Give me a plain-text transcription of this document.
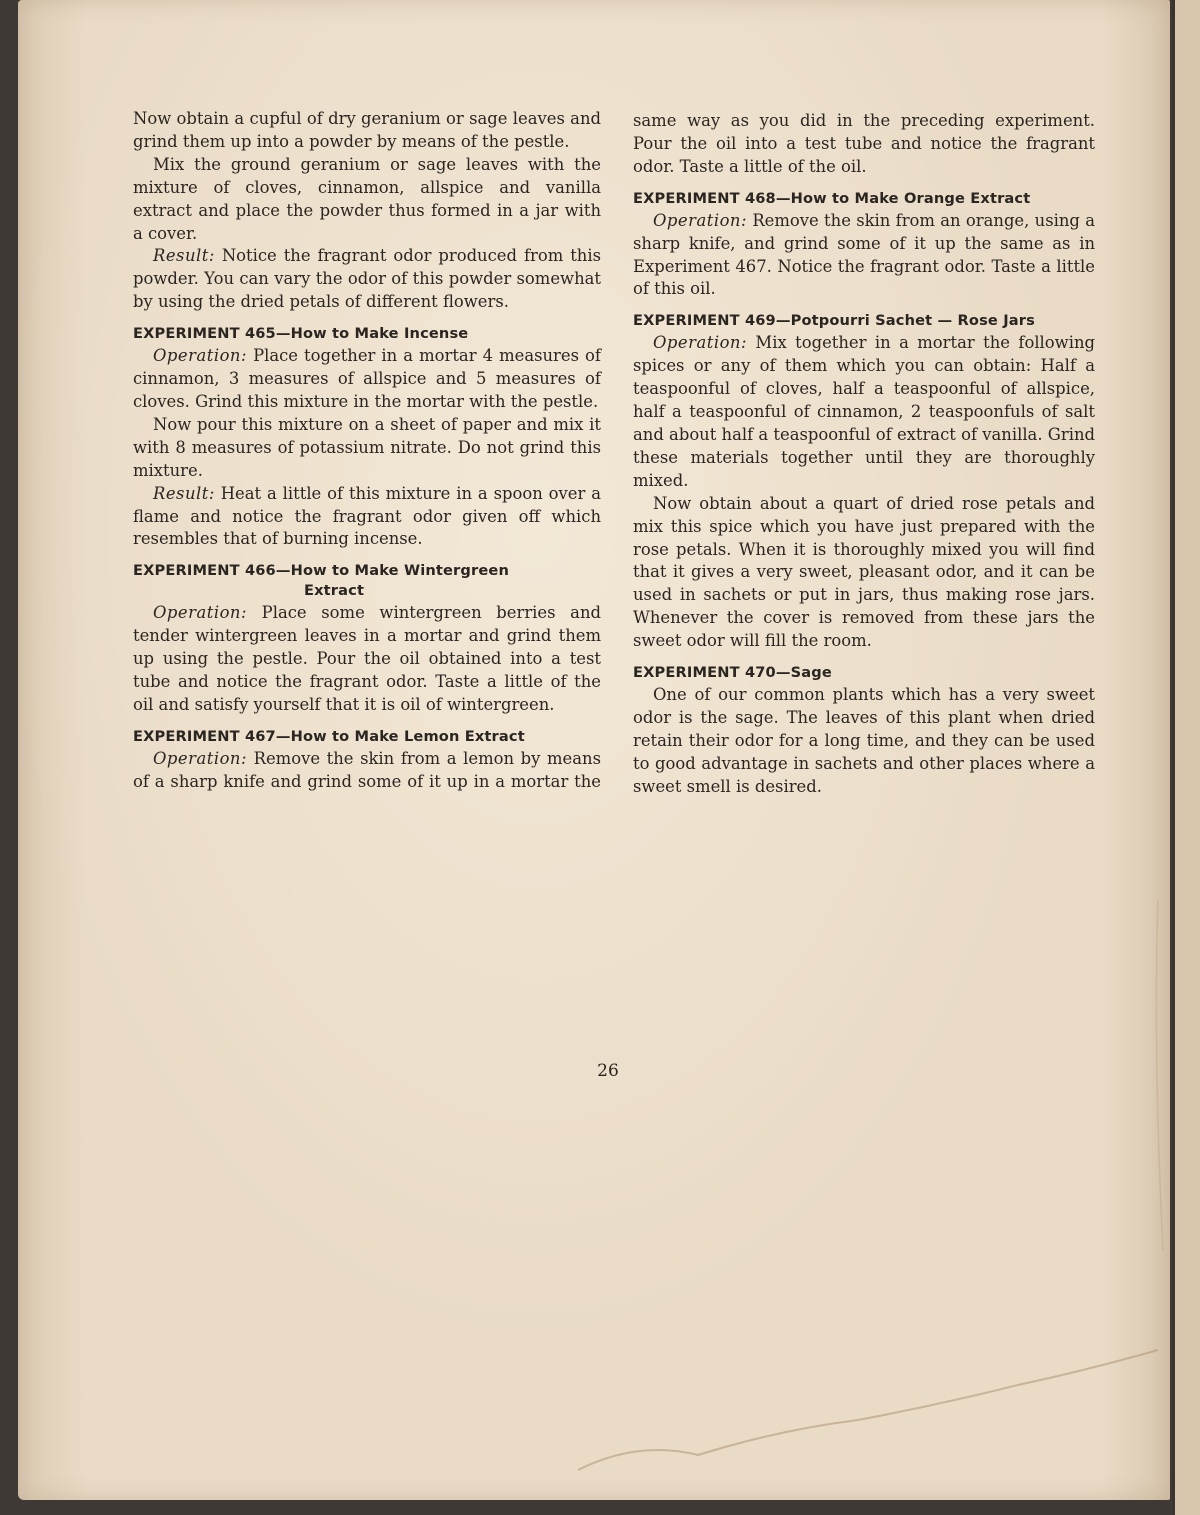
Now obtain a cupful of dry geranium or sage leaves and grind them up into a powder by means of the pestle.

Mix the ground geranium or sage leaves with the mixture of cloves, cinnamon, allspice and vanilla extract and place the powder thus formed in a jar with a cover.

Result: Notice the fragrant odor produced from this powder. You can vary the odor of this powder somewhat by using the dried petals of different flowers.

EXPERIMENT 465—How to Make Incense

Operation: Place together in a mortar 4 measures of cinnamon, 3 measures of allspice and 5 measures of cloves. Grind this mixture in the mortar with the pestle.

Now pour this mixture on a sheet of paper and mix it with 8 measures of potassium nitrate. Do not grind this mixture.

Result: Heat a little of this mixture in a spoon over a flame and notice the fragrant odor given off which resembles that of burning incense.

EXPERIMENT 466—How to Make Wintergreen
Extract

Operation: Place some wintergreen berries and tender wintergreen leaves in a mortar and grind them up using the pestle. Pour the oil obtained into a test tube and notice the fragrant odor. Taste a little of the oil and satisfy yourself that it is oil of wintergreen.

EXPERIMENT 467—How to Make Lemon Extract

Operation: Remove the skin from a lemon by means of a sharp knife and grind some of it up in a mortar the

same way as you did in the preceding experiment. Pour the oil into a test tube and notice the fragrant odor. Taste a little of the oil.

EXPERIMENT 468—How to Make Orange Extract

Operation: Remove the skin from an orange, using a sharp knife, and grind some of it up the same as in Experiment 467. Notice the fragrant odor. Taste a little of this oil.

EXPERIMENT 469—Potpourri Sachet — Rose Jars

Operation: Mix together in a mortar the following spices or any of them which you can obtain: Half a teaspoonful of cloves, half a teaspoonful of allspice, half a teaspoonful of cinnamon, 2 teaspoonfuls of salt and about half a teaspoonful of extract of vanilla. Grind these materials together until they are thoroughly mixed.

Now obtain about a quart of dried rose petals and mix this spice which you have just prepared with the rose petals. When it is thoroughly mixed you will find that it gives a very sweet, pleasant odor, and it can be used in sachets or put in jars, thus making rose jars. Whenever the cover is removed from these jars the sweet odor will fill the room.

EXPERIMENT 470—Sage

One of our common plants which has a very sweet odor is the sage. The leaves of this plant when dried retain their odor for a long time, and they can be used to good advantage in sachets and other places where a sweet smell is desired.

26
